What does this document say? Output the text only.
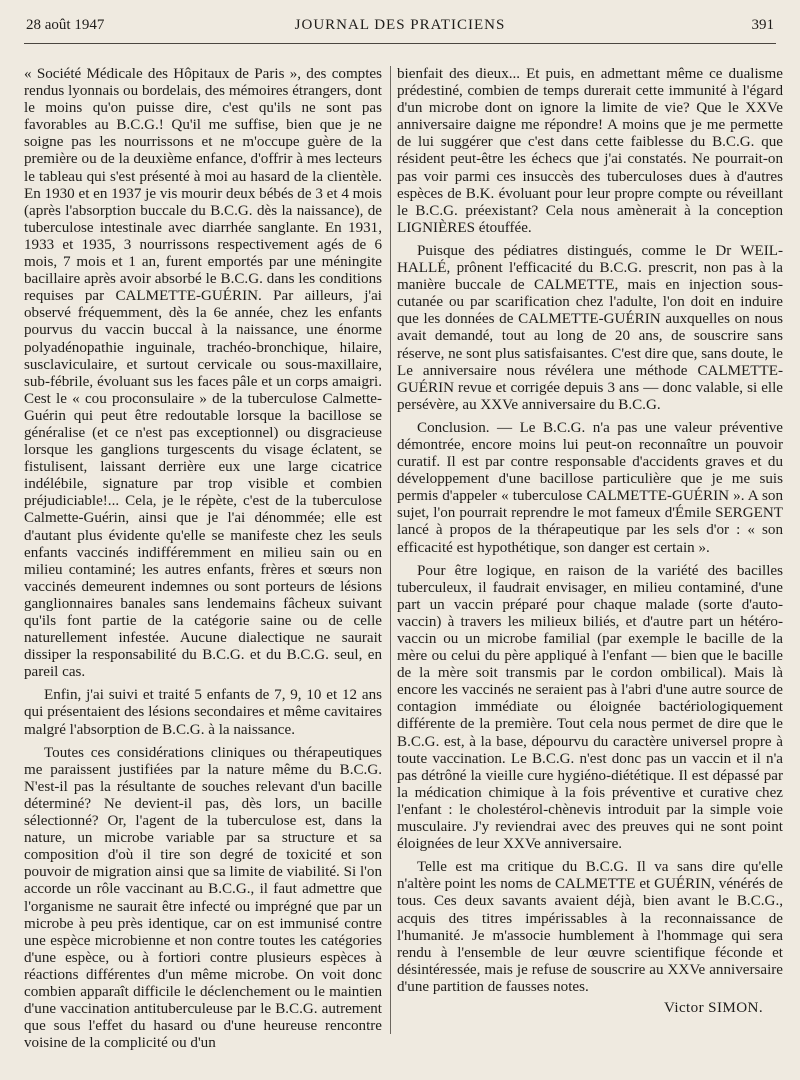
28 août 1947	JOURNAL DES PRATICIENS	391

« Société Médicale des Hôpitaux de Paris », des comptes rendus lyonnais ou bordelais, des mémoires étrangers, dont le moins qu'on puisse dire, c'est qu'ils ne sont pas favorables au B.C.G.! Qu'il me suffise, bien que je ne soigne pas les nourrissons et ne m'occupe guère de la première ou de la deuxième enfance, d'offrir à mes lecteurs le tableau qui s'est présenté à moi au hasard de la clientèle. En 1930 et en 1937 je vis mourir deux bébés de 3 et 4 mois (après l'absorption buccale du B.C.G. dès la naissance), de tuberculose intestinale avec diarrhée sanglante. En 1931, 1933 et 1935, 3 nourrissons respectivement agés de 6 mois, 7 mois et 1 an, furent emportés par une méningite bacillaire après avoir absorbé le B.C.G. dans les conditions requises par CALMETTE-GUÉRIN. Par ailleurs, j'ai observé fréquemment, dès la 6e année, chez les enfants pourvus du vaccin buccal à la naissance, une énorme polyadénopathie inguinale, trachéo-bronchique, hilaire, susclaviculaire, et surtout cervicale ou sous-maxillaire, sub-fébrile, évoluant sus les faces pâle et un corps amaigri. Cest le « cou proconsulaire » de la tuberculose Calmette-Guérin qui peut être redoutable lorsque la bacillose se généralise (et ce n'est pas exceptionnel) ou disgracieuse lorsque les ganglions turgescents du visage éclatent, se fistulisent, laissant derrière eux une large cicatrice indélébile, signature par trop visible et combien préjudiciable!... Cela, je le répète, c'est de la tuberculose Calmette-Guérin, ainsi que je l'ai dénommée; elle est d'autant plus évidente qu'elle se manifeste chez les seuls enfants vaccinés indifféremment en milieu sain ou en milieu contaminé; les autres enfants, frères et sœurs non vaccinés demeurent indemnes ou sont porteurs de lésions ganglionnaires banales sans lendemains fâcheux suivant qu'ils font partie de la catégorie saine ou de celle naturellement infestée. Aucune dialectique ne saurait dissiper la responsabilité du B.C.G. et du B.C.G. seul, en pareil cas.

Enfin, j'ai suivi et traité 5 enfants de 7, 9, 10 et 12 ans qui présentaient des lésions secondaires et même cavitaires malgré l'absorption de B.C.G. à la naissance.

Toutes ces considérations cliniques ou thérapeutiques me paraissent justifiées par la nature même du B.C.G. N'est-il pas la résultante de souches relevant d'un bacille déterminé? Ne devient-il pas, dès lors, un bacille sélectionné? Or, l'agent de la tuberculose est, dans la nature, un microbe variable par sa structure et sa composition d'où il tire son degré de toxicité et son pouvoir de migration ainsi que sa limite de viabilité. Si l'on accorde un rôle vaccinant au B.C.G., il faut admettre que l'organisme ne saurait être infecté ou imprégné que par un microbe à peu près identique, car on est immunisé contre une espèce microbienne et non contre toutes les catégories d'une espèce, ou à fortiori contre plusieurs espèces à réactions différentes d'un même microbe. On voit donc combien apparaît difficile le déclenchement ou le maintien d'une vaccination antituberculeuse par le B.C.G. autrement que sous l'effet du hasard ou d'une heureuse rencontre voisine de la complicité ou d'un

bienfait des dieux... Et puis, en admettant même ce dualisme prédestiné, combien de temps durerait cette immunité à l'égard d'un microbe dont on ignore la limite de vie? Que le XXVe anniversaire daigne me répondre! A moins que je me permette de lui suggérer que c'est dans cette faiblesse du B.C.G. que résident peut-être les échecs que j'ai constatés. Ne pourrait-on pas voir parmi ces insuccès des tuberculoses dues à d'autres espèces de B.K. évoluant pour leur propre compte ou réveillant le B.C.G. préexistant? Cela nous amènerait à la conception LIGNIÈRES étouffée.

Puisque des pédiatres distingués, comme le Dr WEIL-HALLÉ, prônent l'efficacité du B.C.G. prescrit, non pas à la manière buccale de CALMETTE, mais en injection sous-cutanée ou par scarification chez l'adulte, l'on doit en induire que les données de CALMETTE-GUÉRIN auxquelles on nous avait demandé, tout au long de 20 ans, de souscrire sans réserve, ne sont plus satisfaisantes. C'est dire que, sans doute, le Le anniversaire nous révélera une méthode CALMETTE-GUÉRIN revue et corrigée depuis 3 ans — donc valable, si elle persévère, au XXVe anniversaire du B.C.G.

Conclusion. — Le B.C.G. n'a pas une valeur préventive démontrée, encore moins lui peut-on reconnaître un pouvoir curatif. Il est par contre responsable d'accidents graves et du développement d'une bacillose particulière que je me suis permis d'appeler « tuberculose CALMETTE-GUÉRIN ». A son sujet, l'on pourrait reprendre le mot fameux d'Émile SERGENT lancé à propos de la thérapeutique par les sels d'or : « son efficacité est hypothétique, son danger est certain ».

Pour être logique, en raison de la variété des bacilles tuberculeux, il faudrait envisager, en milieu contaminé, d'une part un vaccin préparé pour chaque malade (sorte d'auto-vaccin) à travers les milieux biliés, et d'autre part un hétéro-vaccin ou un microbe familial (par exemple le bacille de la mère ou celui du père appliqué à l'enfant — bien que le bacille de la mère soit transmis par le cordon ombilical). Mais là encore les vaccinés ne seraient pas à l'abri d'une autre source de contagion immédiate ou éloignée bactériologiquement différente de la première. Tout cela nous permet de dire que le B.C.G. est, à la base, dépourvu du caractère universel propre à toute vaccination. Le B.C.G. n'est donc pas un vaccin et il n'a pas détrôné la vieille cure hygiéno-diététique. Il est dépassé par la médication chimique à la fois préventive et curative chez l'enfant : le cholestérol-chènevis introduit par la simple voie musculaire. J'y reviendrai avec des preuves qui ne sont point éloignées de leur XXVe anniversaire.

Telle est ma critique du B.C.G. Il va sans dire qu'elle n'altère point les noms de CALMETTE et GUÉRIN, vénérés de tous. Ces deux savants avaient déjà, bien avant le B.C.G., acquis des titres impérissables à la reconnaissance de l'humanité. Je m'associe humblement à l'hommage qui sera rendu à l'ensemble de leur œuvre scientifique féconde et désintéressée, mais je refuse de souscrire au XXVe anniversaire d'une partition de fausses notes.

Victor SIMON.
